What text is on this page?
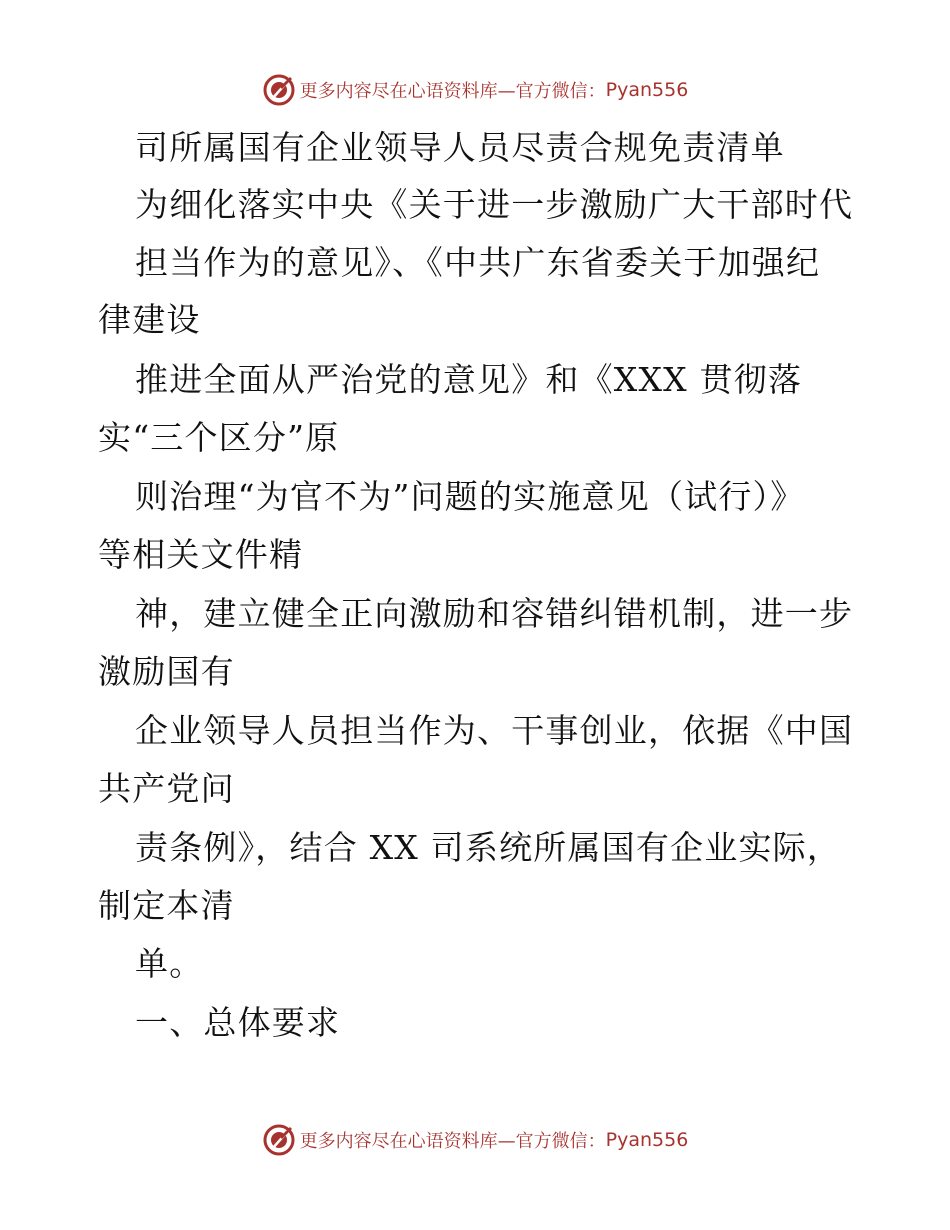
更多内容尽在心语资料库—官方微信： Pyan556
司所属国有企业领导人员尽责合规免责清单
为细化落实中央《关于进一步激励广大干部时代
担当作为的意见》、《中共广东省委关于加强纪
律建设
推进全面从严治党的意见》和《XXX 贯彻落
实“三个区分”原
则治理“为官不为”问题的实施意见（试行）》
等相关文件精
神，建立健全正向激励和容错纠错机制，进一步
激励国有
企业领导人员担当作为、干事创业，依据《中国
共产党问
责条例》，结合 XX 司系统所属国有企业实际，
制定本清
单。
一、总体要求
更多内容尽在心语资料库—官方微信： Pyan556
